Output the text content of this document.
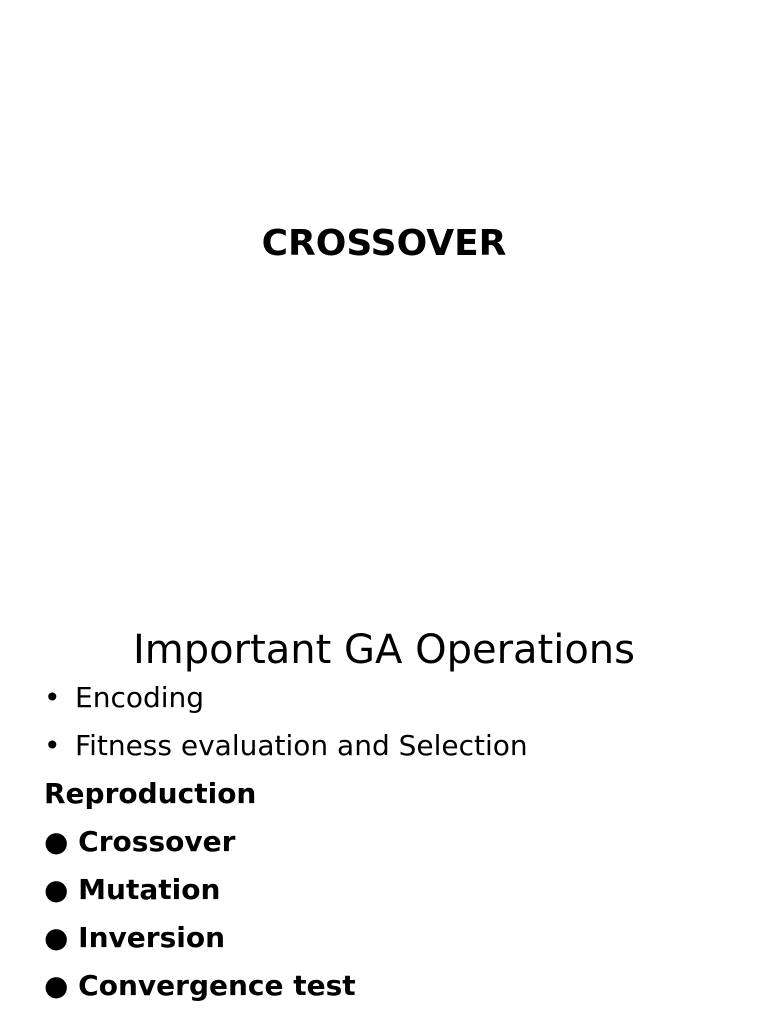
CROSSOVER
Important GA Operations
• Encoding
• Fitness evaluation and Selection
Reproduction
● Crossover
● Mutation
● Inversion
● Convergence test
